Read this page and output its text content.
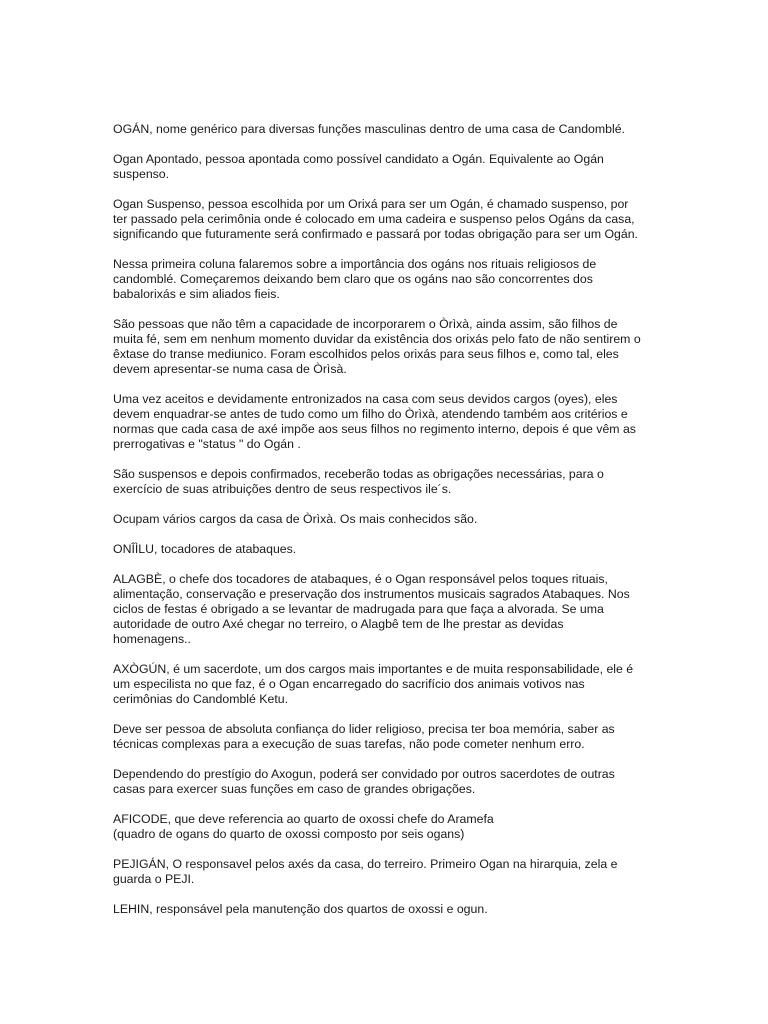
OGÁN, nome genérico para diversas funções masculinas dentro de uma casa de Candomblé.

Ogan Apontado, pessoa apontada como possível candidato a Ogán. Equivalente ao Ogán
suspenso.

Ogan Suspenso, pessoa escolhida por um Orixá para ser um Ogán, é chamado suspenso, por
ter passado pela cerimônia onde é colocado em uma cadeira e suspenso pelos Ogáns da casa,
significando que futuramente será confirmado e passará por todas obrigação para ser um Ogán.

Nessa primeira coluna falaremos sobre a importância dos ogáns nos rituais religiosos de
candomblé. Começaremos deixando bem claro que os ogáns nao são concorrentes dos
babalorixás e sim aliados fieis.

São pessoas que não têm a capacidade de incorporarem o Òrìxà, ainda assim, são filhos de
muita fé, sem em nenhum momento duvidar da existência dos orixás pelo fato de não sentirem o
êxtase do transe mediunico. Foram escolhidos pelos orixás para seus filhos e, como tal, eles
devem apresentar-se numa casa de Òrìsà.

Uma vez aceitos e devidamente entronizados na casa com seus devidos cargos (oyes), eles
devem enquadrar-se antes de tudo como um filho do Òrìxà, atendendo também aos critérios e
normas que cada casa de axé impõe aos seus filhos no regimento interno, depois é que vêm as
prerrogativas e "status " do Ogán .

São suspensos e depois confirmados, receberão todas as obrigações necessárias, para o
exercício de suas atribuições dentro de seus respectivos ile´s.

Ocupam vários cargos da casa de Òrìxà. Os mais conhecidos são.

ONÎÌLU, tocadores de atabaques.

ALAGBÈ, o chefe dos tocadores de atabaques, é o Ogan responsável pelos toques rituais,
alimentação, conservação e preservação dos instrumentos musicais sagrados Atabaques. Nos
ciclos de festas é obrigado a se levantar de madrugada para que faça a alvorada. Se uma
autoridade de outro Axé chegar no terreiro, o Alagbê tem de lhe prestar as devidas
homenagens..

AXÒGÚN, é um sacerdote, um dos cargos mais importantes e de muita responsabilidade, ele é
um especilista no que faz, é o Ogan encarregado do sacrifício dos animais votivos nas
cerimônias do Candomblé Ketu.

Deve ser pessoa de absoluta confiança do lider religioso, precisa ter boa memória, saber as
técnicas complexas para a execução de suas tarefas, não pode cometer nenhum erro.

Dependendo do prestígio do Axogun, poderá ser convidado por outros sacerdotes de outras
casas para exercer suas funções em caso de grandes obrigações.

AFICODE, que deve referencia ao quarto de oxossi chefe do Aramefa
(quadro de ogans do quarto de oxossi composto por seis ogans)

PEJIGÁN, O responsavel pelos axés da casa, do terreiro. Primeiro Ogan na hirarquia, zela e
guarda o PEJI.

LEHIN, responsável pela manutenção dos quartos de oxossi e ogun.
